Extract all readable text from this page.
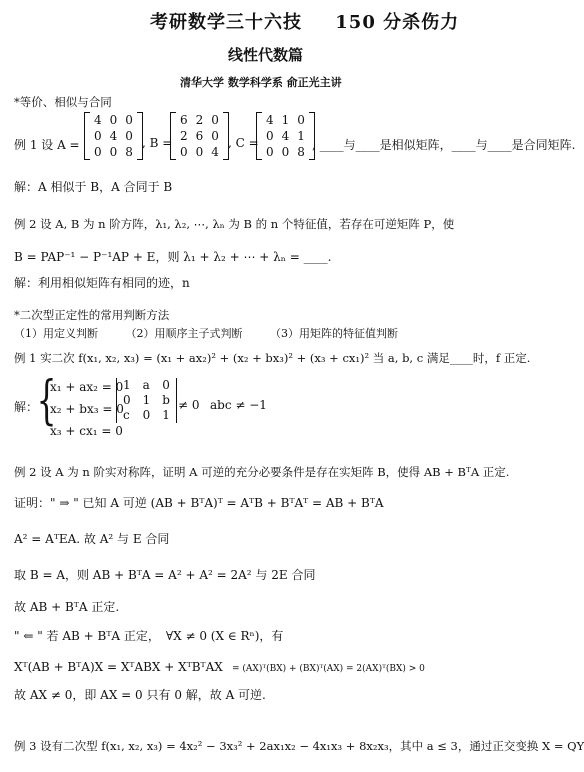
考研数学三十六技 150 分杀伤力
线性代数篇
清华大学 数学科学系 俞正光主讲
*等价、相似与合同
例 1 设 A =
4	0	0
0	4	0
0	0	8
, B =
6	2	0
2	6	0
0	0	4
, C =
4	1	0
0	4	1
0	0	8 , ____与____是相似矩阵，____与____是合同矩阵.
解：A 相似于 B，A 合同于 B
例 2 设 A, B 为 n 阶方阵，λ₁, λ₂, ⋯, λₙ 为 B 的 n 个特征值，若存在可逆矩阵 P，使
B = PAP⁻¹ − P⁻¹AP + E，则 λ₁ + λ₂ + ⋯ + λₙ = ____.
解：利用相似矩阵有相同的迹，n
*二次型正定性的常用判断方法
（1）用定义判断　　　（2）用顺序主子式判断　　　（3）用矩阵的特征值判断
例 1 实二次 f(x₁, x₂, x₃) = (x₁ + ax₂)² + (x₂ + bx₃)² + (x₃ + cx₁)² 当 a, b, c 满足____时，f 正定.
解：
{
x₁ + ax₂ = 0
x₂ + bx₃ = 0
x₃ + cx₁ = 0
1	a	0
0	1	b
c	0	1
≠ 0 abc ≠ −1
例 2 设 A 为 n 阶实对称阵，证明 A 可逆的充分必要条件是存在实矩阵 B，使得 AB + BᵀA 正定.
证明：" ⇒ " 已知 A 可逆 (AB + BᵀA)ᵀ = AᵀB + BᵀAᵀ = AB + BᵀA
A² = AᵀEA. 故 A² 与 E 合同
取 B = A，则 AB + BᵀA = A² + A² = 2A² 与 2E 合同
故 AB + BᵀA 正定.
" ⇐ " 若 AB + BᵀA 正定，　∀X ≠ 0 (X ∈ Rⁿ)，有
Xᵀ(AB + BᵀA)X = XᵀABX + XᵀBᵀAX = (AX)ᵀ(BX) + (BX)ᵀ(AX) = 2(AX)ᵀ(BX) > 0
故 AX ≠ 0，即 AX = 0 只有 0 解，故 A 可逆.
例 3 设有二次型 f(x₁, x₂, x₃) = 4x₂² − 3x₃² + 2ax₁x₂ − 4x₁x₃ + 8x₂x₃，其中 a ≤ 3，通过正交变换 X = QY
